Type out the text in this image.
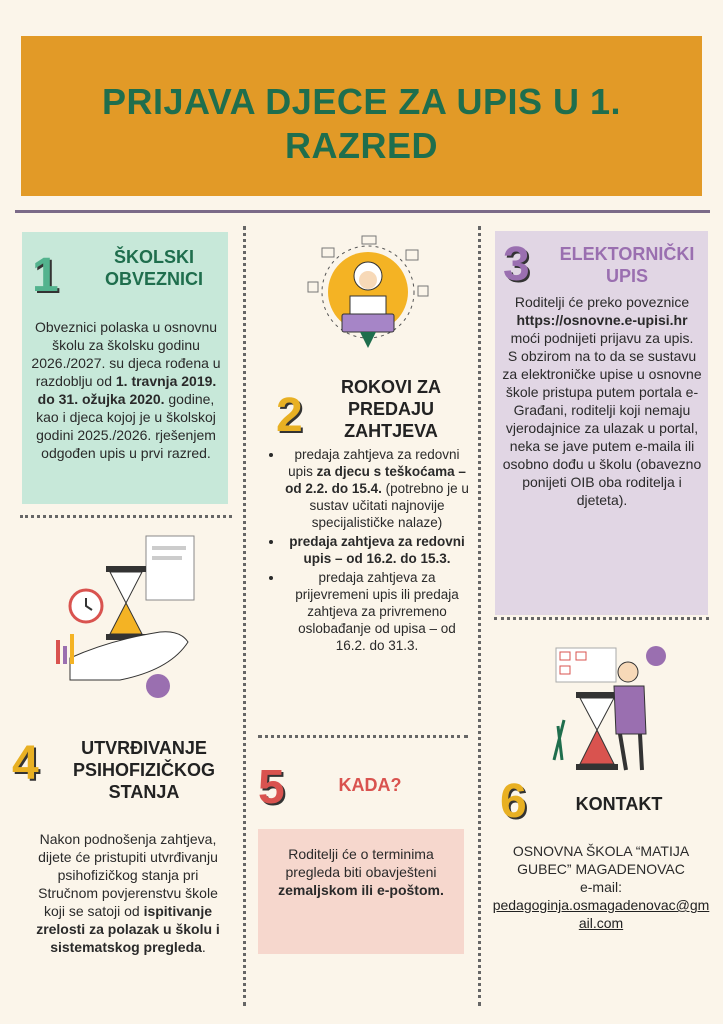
PRIJAVA DJECE ZA UPIS U 1. RAZRED
1	ŠKOLSKI OBVEZNICI
Obveznici polaska u osnovnu školu za školsku godinu 2026./2027. su djeca rođena u razdoblju od 1. travnja 2019. do 31. ožujka 2020. godine, kao i djeca kojoj je u školskoj godini 2025./2026. rješenjem odgođen upis u prvi razred.
2
ROKOVI ZA PREDAJU ZAHTJEVA
• predaja zahtjeva za redovni upis za djecu s teškoćama – od 2.2. do 15.4. (potrebno je u sustav učitati najnovije specijalističke nalaze)
• predaja zahtjeva za redovni upis – od 16.2. do 15.3.
• predaja zahtjeva za prijevremeni upis ili predaja zahtjeva za privremeno oslobađanje od upisa – od 16.2. do 31.3.
3	ELEKTORNIČKI UPIS
Roditelji će preko poveznice
https://osnovne.e-upisi.hr
moći podnijeti prijavu za upis.
S obzirom na to da se sustavu za elektroničke upise u osnovne škole pristupa putem portala e-Građani, roditelji koji nemaju vjerodajnice za ulazak u portal, neka se jave putem e-maila ili osobno dođu u školu (obavezno ponijeti OIB oba roditelja i djeteta).
4	UTVRĐIVANJE PSIHOFIZIČKOG STANJA
Nakon podnošenja zahtjeva, dijete će pristupiti utvrđivanju psihofizičkog stanja pri Stručnom povjerenstvu škole koji se satoji od ispitivanje zrelosti za polazak u školu i sistematskog pregleda.
5	KADA?
Roditelji će o terminima pregleda biti obavješteni zemaljskom ili e-poštom.
6	KONTAKT
OSNOVNA ŠKOLA “MATIJA GUBEC” MAGADENOVAC
e-mail:
pedagoginja.osmagadenovac@gmail.com
